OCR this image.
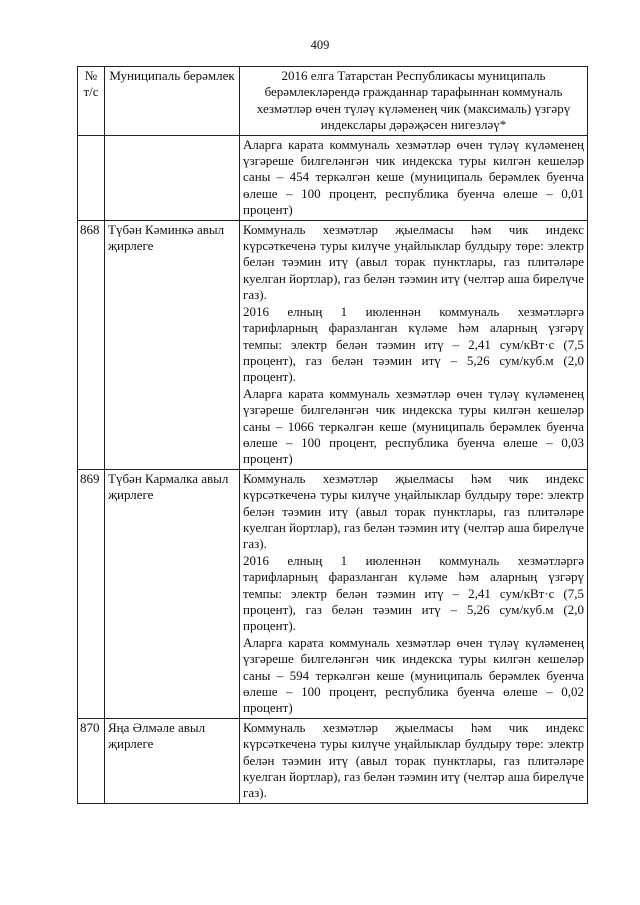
409
№ т/с	Муниципаль берәмлек	2016 елга Татарстан Республикасы муниципаль берәмлекләрендә гражданнар тарафыннан коммуналь хезмәтләр өчен түләү күләменең чик (максималь) үзгәрү индекслары дәрәҗәсен нигезләү*

		Аларга карата коммуналь хезмәтләр өчен түләү күләменең үзгәреше билгеләнгән чик индекска туры килгән кешеләр саны – 454 теркәлгән кеше (муниципаль берәмлек буенча өлеше – 100 процент, республика буенча өлеше – 0,01 процент)

868	Түбән Кәминкә авыл җирлеге	Коммуналь хезмәтләр җыелмасы һәм чик индекс күрсәткеченә туры килүче уңайлыклар булдыру төре: электр белән тәэмин итү (авыл торак пунктлары, газ плитәләре куелган йортлар), газ белән тәэмин итү (челтәр аша бирелүче газ).
2016 елның 1 июленнән коммуналь хезмәтләргә тарифларның фаразланган күләме һәм аларның үзгәрү темпы: электр белән тәэмин итү – 2,41 сум/кВт·с (7,5 процент), газ белән тәэмин итү – 5,26 сум/куб.м (2,0 процент).
Аларга карата коммуналь хезмәтләр өчен түләү күләменең үзгәреше билгеләнгән чик индекска туры килгән кешеләр саны – 1066 теркәлгән кеше (муниципаль берәмлек буенча өлеше – 100 процент, республика буенча өлеше – 0,03 процент)

869	Түбән Кармалка авыл җирлеге	Коммуналь хезмәтләр җыелмасы һәм чик индекс күрсәткеченә туры килүче уңайлыклар булдыру төре: электр белән тәэмин итү (авыл торак пунктлары, газ плитәләре куелган йортлар), газ белән тәэмин итү (челтәр аша бирелүче газ).
2016 елның 1 июленнән коммуналь хезмәтләргә тарифларның фаразланган күләме һәм аларның үзгәрү темпы: электр белән тәэмин итү – 2,41 сум/кВт·с (7,5 процент), газ белән тәэмин итү – 5,26 сум/куб.м (2,0 процент).
Аларга карата коммуналь хезмәтләр өчен түләү күләменең үзгәреше билгеләнгән чик индекска туры килгән кешеләр саны – 594 теркәлгән кеше (муниципаль берәмлек буенча өлеше – 100 процент, республика буенча өлеше – 0,02 процент)

870	Яңа Әлмәле авыл җирлеге	Коммуналь хезмәтләр җыелмасы һәм чик индекс күрсәткеченә туры килүче уңайлыклар булдыру төре: электр белән тәэмин итү (авыл торак пунктлары, газ плитәләре куелган йортлар), газ белән тәэмин итү (челтәр аша бирелүче газ).
